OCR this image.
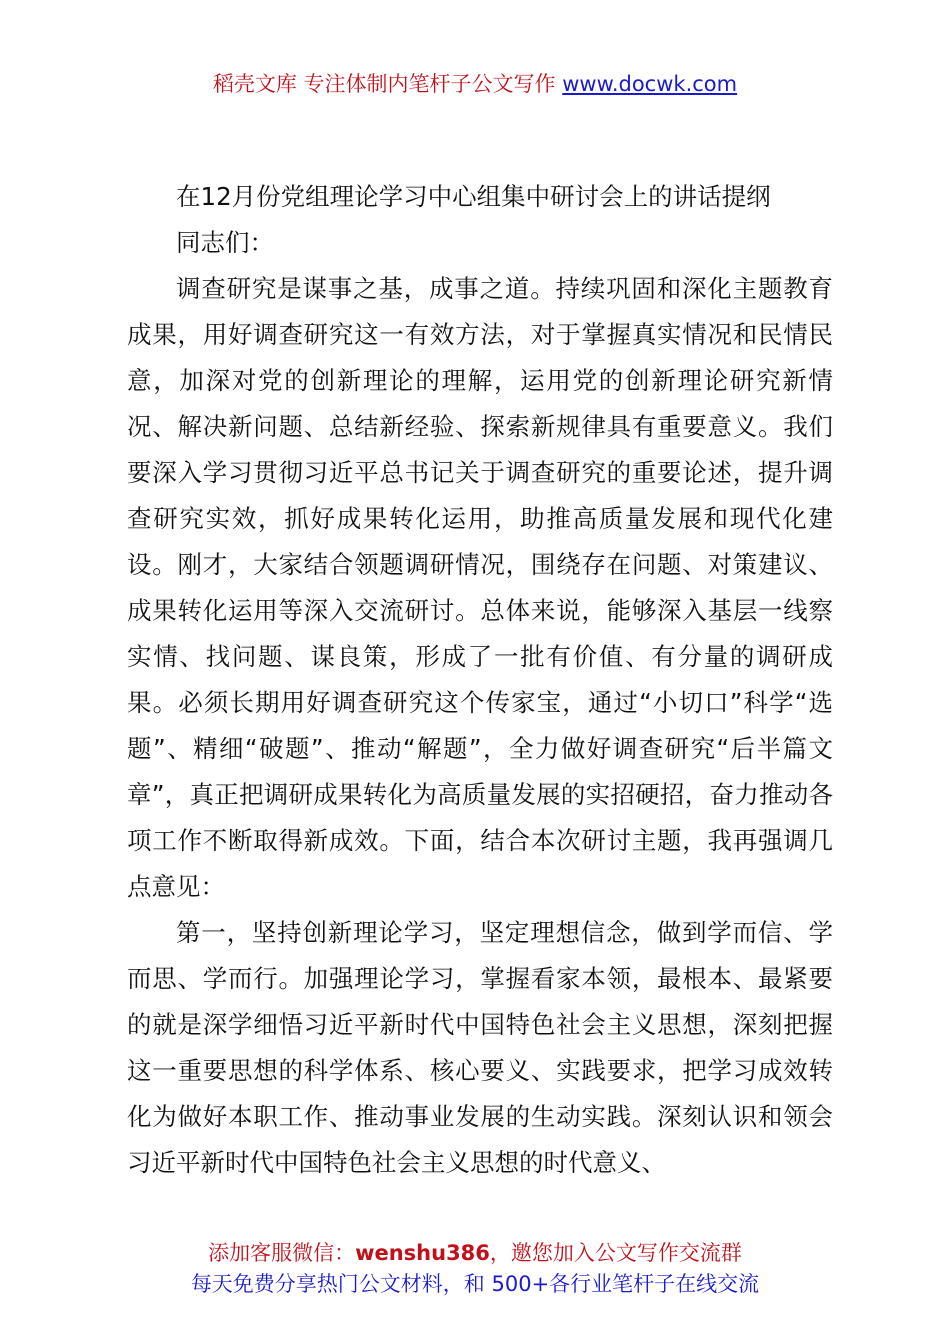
稻壳文库 专注体制内笔杆子公文写作 www.docwk.com

在12月份党组理论学习中心组集中研讨会上的讲话提纲

同志们：

调查研究是谋事之基，成事之道。持续巩固和深化主题教育成果，用好调查研究这一有效方法，对于掌握真实情况和民情民意，加深对党的创新理论的理解，运用党的创新理论研究新情况、解决新问题、总结新经验、探索新规律具有重要意义。我们要深入学习贯彻习近平总书记关于调查研究的重要论述，提升调查研究实效，抓好成果转化运用，助推高质量发展和现代化建设。刚才，大家结合领题调研情况，围绕存在问题、对策建议、成果转化运用等深入交流研讨。总体来说，能够深入基层一线察实情、找问题、谋良策，形成了一批有价值、有分量的调研成果。必须长期用好调查研究这个传家宝，通过“小切口”科学“选题”、精细“破题”、推动“解题”，全力做好调查研究“后半篇文章”，真正把调研成果转化为高质量发展的实招硬招，奋力推动各项工作不断取得新成效。下面，结合本次研讨主题，我再强调几点意见：

第一，坚持创新理论学习，坚定理想信念，做到学而信、学而思、学而行。加强理论学习，掌握看家本领，最根本、最紧要的就是深学细悟习近平新时代中国特色社会主义思想，深刻把握这一重要思想的科学体系、核心要义、实践要求，把学习成效转化为做好本职工作、推动事业发展的生动实践。深刻认识和领会习近平新时代中国特色社会主义思想的时代意义、

添加客服微信：wenshu386，邀您加入公文写作交流群
每天免费分享热门公文材料，和 500+各行业笔杆子在线交流
